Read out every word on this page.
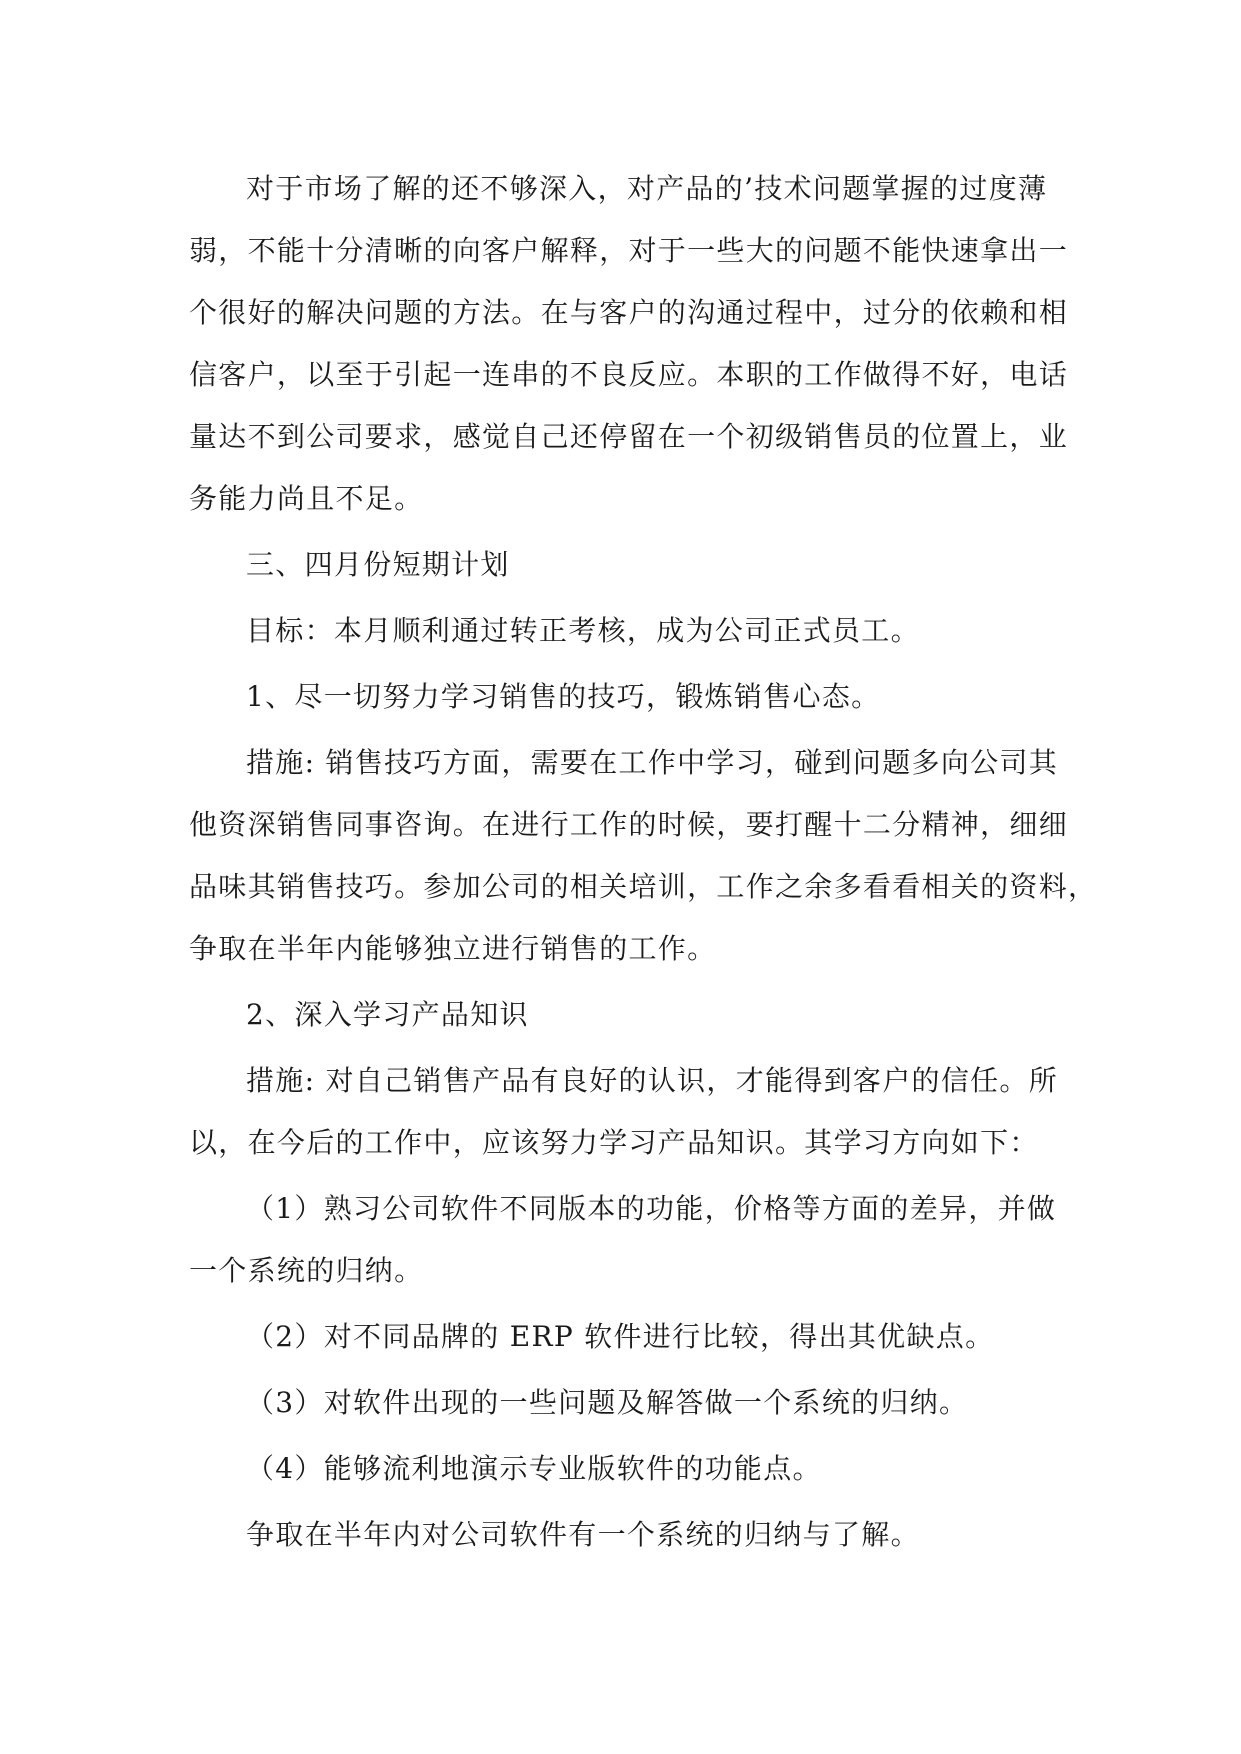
对于市场了解的还不够深入，对产品的’技术问题掌握的过度薄
弱，不能十分清晰的向客户解释，对于一些大的问题不能快速拿出一
个很好的解决问题的方法。在与客户的沟通过程中，过分的依赖和相
信客户，以至于引起一连串的不良反应。本职的工作做得不好，电话
量达不到公司要求，感觉自己还停留在一个初级销售员的位置上，业
务能力尚且不足。

三、四月份短期计划

目标：本月顺利通过转正考核，成为公司正式员工。

1、尽一切努力学习销售的技巧，锻炼销售心态。

措施: 销售技巧方面，需要在工作中学习，碰到问题多向公司其
他资深销售同事咨询。在进行工作的时候，要打醒十二分精神，细细
品味其销售技巧。参加公司的相关培训，工作之余多看看相关的资料，
争取在半年内能够独立进行销售的工作。

2、深入学习产品知识

措施: 对自己销售产品有良好的认识，才能得到客户的信任。所
以，在今后的工作中，应该努力学习产品知识。其学习方向如下：

（1）熟习公司软件不同版本的功能，价格等方面的差异，并做
一个系统的归纳。

（2）对不同品牌的 ERP 软件进行比较，得出其优缺点。

（3）对软件出现的一些问题及解答做一个系统的归纳。

（4）能够流利地演示专业版软件的功能点。

争取在半年内对公司软件有一个系统的归纳与了解。
